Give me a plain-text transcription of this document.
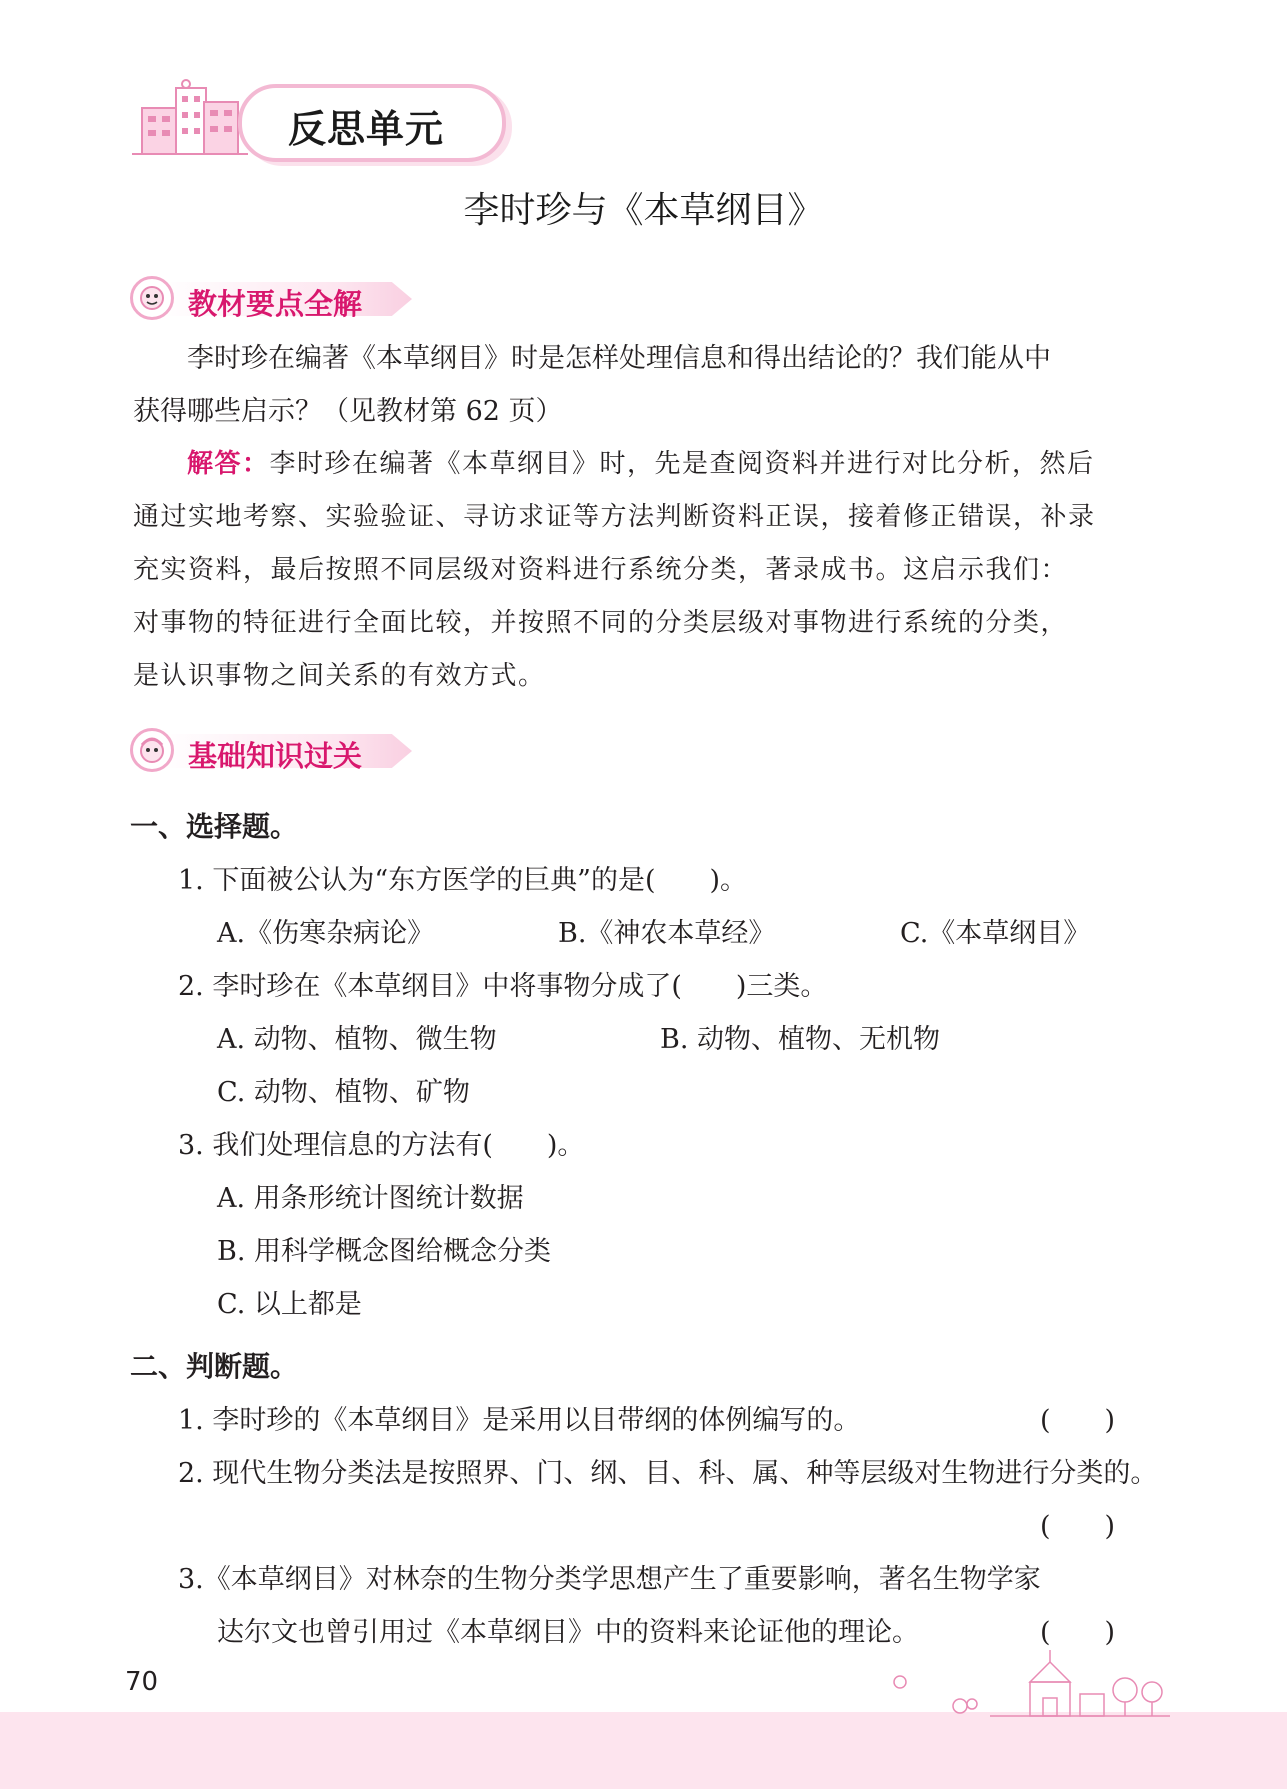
反思单元
李时珍与《本草纲目》
教材要点全解
李时珍在编著《本草纲目》时是怎样处理信息和得出结论的？我们能从中
获得哪些启示？（见教材第 62 页）
解答：李时珍在编著《本草纲目》时，先是查阅资料并进行对比分析，然后
通过实地考察、实验验证、寻访求证等方法判断资料正误，接着修正错误，补录
充实资料，最后按照不同层级对资料进行系统分类，著录成书。这启示我们：
对事物的特征进行全面比较，并按照不同的分类层级对事物进行系统的分类，
是认识事物之间关系的有效方式。
基础知识过关
一、选择题。
1. 下面被公认为“东方医学的巨典”的是(　　)。
A.《伤寒杂病论》	B.《神农本草经》	C.《本草纲目》
2. 李时珍在《本草纲目》中将事物分成了(　　)三类。
A. 动物、植物、微生物	B. 动物、植物、无机物
C. 动物、植物、矿物
3. 我们处理信息的方法有(　　)。
A. 用条形统计图统计数据
B. 用科学概念图给概念分类
C. 以上都是
二、判断题。
1. 李时珍的《本草纲目》是采用以目带纲的体例编写的。	(　　)
2. 现代生物分类法是按照界、门、纲、目、科、属、种等层级对生物进行分类的。
(　　)
3.《本草纲目》对林奈的生物分类学思想产生了重要影响，著名生物学家
达尔文也曾引用过《本草纲目》中的资料来论证他的理论。	(　　)
70
